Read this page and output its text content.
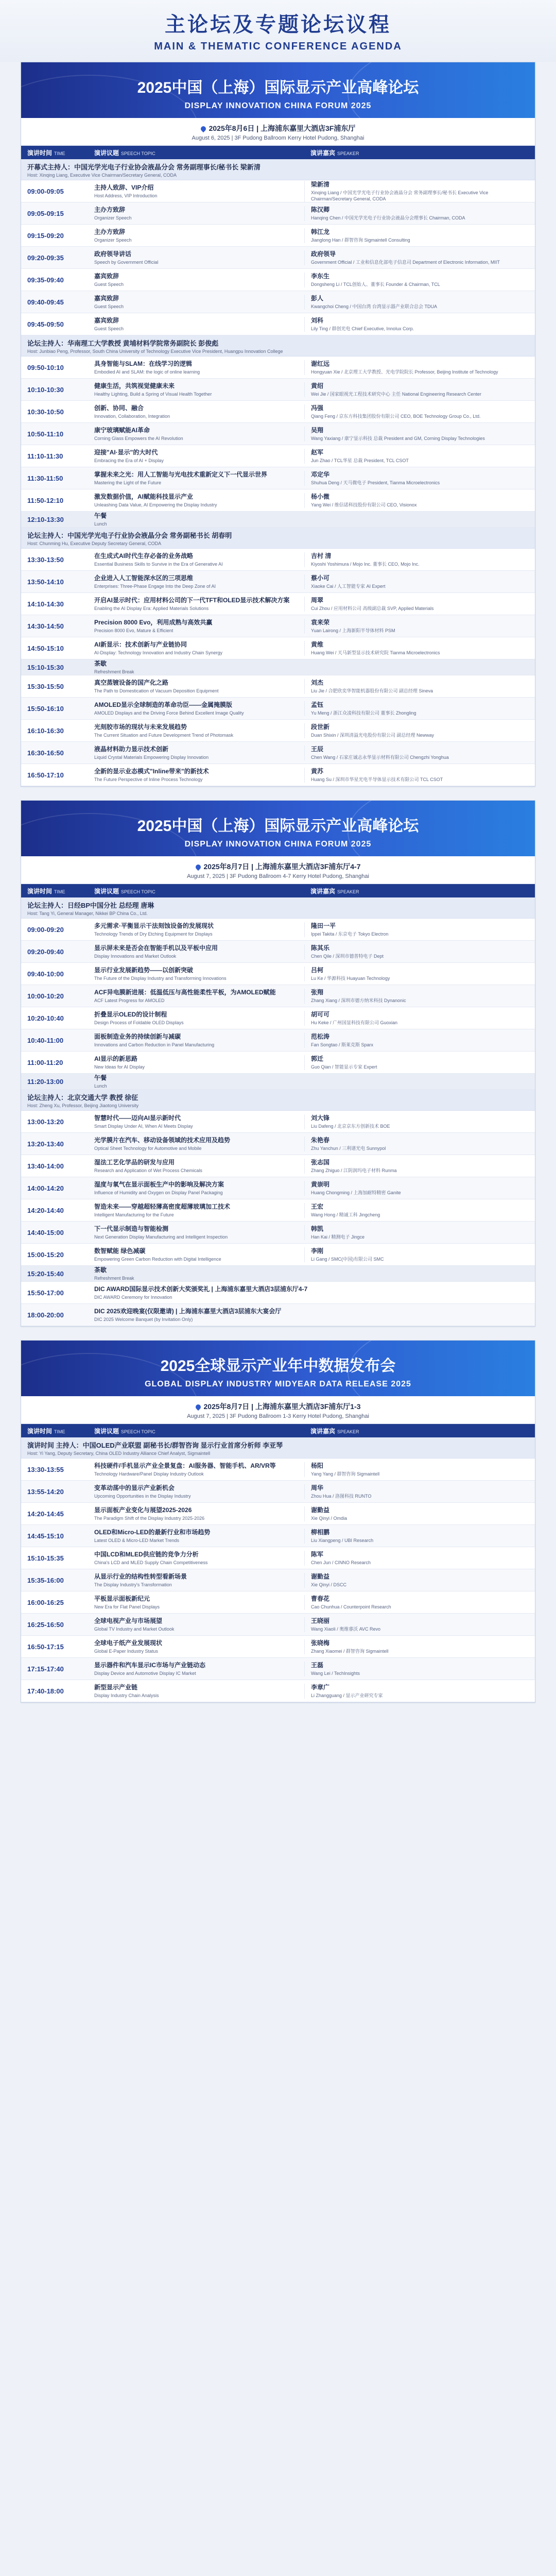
主论坛及专题论坛议程
MAIN & THEMATIC CONFERENCE AGENDA
2025中国（上海）国际显示产业高峰论坛
DISPLAY INNOVATION CHINA FORUM 2025
2025年8月6日 | 上海浦东嘉里大酒店3F浦东厅
August 6, 2025 | 3F Pudong Ballroom Kerry Hotel Pudong, Shanghai
演讲时间 TIME	演讲议题 SPEECH TOPIC	演讲嘉宾 SPEAKER
开幕式主持人：中国光学光电子行业协会液晶分会 常务副理事长/秘书长 梁新清
Host: Xinqing Liang, Executive Vice Chairman/Secretary General, CODA
09:00-09:05	主持人致辞、VIP介绍
Host Address, VIP Introduction
梁新清
Xinqing Liang / 中国光学光电子行业协会液晶分会 常务副理事长/秘书长 Executive Vice Chairman/Secretary General, CODA
09:05-09:15	主办方致辞
Organizer Speech
陈汉卿
Hanqing Chen / 中国光学光电子行业协会液晶分会理事长 Chairman, CODA
09:15-09:20	主办方致辞
Organizer Speech
韩江龙
Jianglong Han / 群智咨询 Sigmaintell Consulting
09:20-09:35	政府领导讲话
Speech by Government Official
政府领导
Government Official / 工业和信息化部电子信息司 Department of Electronic Information, MIIT
09:35-09:40	嘉宾致辞
Guest Speech
李东生
Dongsheng Li / TCL创始人、董事长 Founder & Chairman, TCL
09:40-09:45	嘉宾致辞
Guest Speech
彭人
Kwangchoi Cheng / 中国台湾 台湾显示器产业联合总会 TDUA
09:45-09:50	嘉宾致辞
Guest Speech
刘科
Lily Ting / 群创光电 Chief Executive, Innolux Corp.
论坛主持人：华南理工大学教授 黄埔材料学院常务副院长 彭俊彪
Host: Junbiao Peng, Professor, South China University of Technology Executive Vice President, Huangpu Innovation College
09:50-10:10	具身智能与SLAM：在线学习的逻辑
Embodied AI and SLAM: the logic of online learning
谢红远
Hongyuan Xie / 北京理工大学教授、光电学院院长 Professor, Beijing Institute of Technology
10:10-10:30	健康生活，共筑视觉健康未来
Healthy Lighting, Build a Spring of Visual Health Together
黄绍
Wei Jie / 国家眼视光工程技术研究中心 主任 National Engineering Research Center
10:30-10:50	创新、协同、融合
Innovation, Collaboration, Integration
冯强
Qiang Feng / 京东方科技集团股份有限公司 CEO, BOE Technology Group Co., Ltd.
10:50-11:10	康宁玻璃赋能AI革命
Corning Glass Empowers the AI Revolution
吴翔
Wang Yaxiang / 康宁显示科技 总裁 President and GM, Corning Display Technologies
11:10-11:30	迎接"AI·显示"的大时代
Embracing the Era of AI + Display
赵军
Jun Zhao / TCL华星 总裁 President, TCL CSOT
11:30-11:50	掌握未来之光：用人工智能与光电技术重新定义下一代显示世界
Mastering the Light of the Future
邓定华
Shuhua Deng / 天马微电子 President, Tianma Microelectronics
11:50-12:10	激发数据价值，AI赋能科技显示产业
Unleashing Data Value, AI Empowering the Display Industry
杨小微
Yang Wei / 维信诺科技股份有限公司 CEO, Visionox
12:10-13:30	午餐
Lunch
论坛主持人：中国光学光电子行业协会液晶分会 常务副秘书长 胡春明
Host: Chunming Hu, Executive Deputy Secretary General, CODA
13:30-13:50	在生成式AI时代生存必备的业务战略
Essential Business Skills to Survive in the Era of Generative AI
吉村 清
Kiyoshi Yoshimura / Mojo Inc. 董事长 CEO, Mojo Inc.
13:50-14:10	企业进入人工智能深水区的三项思维
Enterprises: Three-Phase Engage Into the Deep Zone of AI
蔡小可
Xiaoke Cai / 人工智能专家 AI Expert
14:10-14:30	开启AI显示时代：应用材料公司的下一代TFT和OLED显示技术解决方案
Enabling the AI Display Era: Applied Materials Solutions
周翠
Cui Zhou / 应用材料公司 高级副总裁 SVP, Applied Materials
14:30-14:50	Precision 8000 Evo，利用成熟与高效共赢
Precision 8000 Evo, Mature & Efficient
袁来荣
Yuan Lairong / 上海新阳半导体材料 PSM
14:50-15:10	AI新显示：技术创新与产业链协同
AI-Display: Technology Innovation and Industry Chain Synergy
黄维
Huang Wei / 天马新型显示技术研究院 Tianma Microelectronics
15:10-15:30	茶歇
Refreshment Break
15:30-15:50	真空蒸镀设备的国产化之路
The Path to Domestication of Vacuum Deposition Equipment
刘杰
Liu Jie / 合肥欣奕华智能机器股份有限公司 副总经理 Sineva
15:50-16:10	AMOLED显示全球制造的革命功臣——金属掩膜版
AMOLED Displays and the Driving Force Behind Excellent Image Quality
孟钰
Yu Meng / 浙江众凌科技有限公司 董事长 Zhongling
16:10-16:30	光刻胶市场的现状与未来发展趋势
The Current Situation and Future Development Trend of Photomask
段世新
Duan Shixin / 深圳清溢光电股份有限公司 副总经理 Newway
16:30-16:50	液晶材料助力显示技术创新
Liquid Crystal Materials Empowering Display Innovation
王辰
Chen Wang / 石家庄诚志永华显示材料有限公司 Chengzhi Yonghua
16:50-17:10	全新的显示业态模式"Inline带来"的新技术
The Future Perspective of Inline Process Technology
黄苏
Huang Su / 深圳市华星光电半导体显示技术有限公司 TCL CSOT
2025中国（上海）国际显示产业高峰论坛
DISPLAY INNOVATION CHINA FORUM 2025
2025年8月7日 | 上海浦东嘉里大酒店3F浦东厅4-7
August 7, 2025 | 3F Pudong Ballroom 4-7 Kerry Hotel Pudong, Shanghai
演讲时间 TIME	演讲议题 SPEECH TOPIC	演讲嘉宾 SPEAKER
论坛主持人：日经BP中国分社 总经理 唐琳
Host: Tang Yi, General Manager, Nikkei BP China Co., Ltd.
09:00-09:20	多元需求·平衡显示干法刻蚀设备的发展现状
Technology Trends of Dry Etching Equipment for Displays
隆田一平
Ippei Takita / 东京电子 Tokyo Electron
09:20-09:40	显示屏未来是否会在智能手机以及平板中应用
Display Innovations and Market Outlook
陈其乐
Chen Qile / 深圳市德普特电子 Dept
09:40-10:00	显示行业发展新趋势——以创新突破
The Future of the Display Industry and Transforming Innovations
吕柯
Lu Ke / 华源科技 Huayuan Technology
10:00-10:20	ACF异电膜新进展：低温低压与高性能柔性平板，为AMOLED赋能
ACF Latest Progress for AMOLED
张翔
Zhang Xiang / 深圳市德方纳米科技 Dynanonic
10:20-10:40	折叠显示OLED的设计制程
Design Process of Foldable OLED Displays
胡可可
Hu Keke / 广州国显科技有限公司 Guoxian
10:40-11:00	面板制造业务的持续创新与减碳
Innovations and Carbon Reduction in Panel Manufacturing
范松涛
Fan Songtao / 斯莱克斯 Sparx
11:00-11:20	AI显示的新思路
New Ideas for AI Display
郭迁
Guo Qian / 智能显示专家 Expert
11:20-13:00	午餐
Lunch
论坛主持人：北京交通大学 教授 徐征
Host: Zheng Xu, Professor, Beijing Jiaotong University
13:00-13:20	智慧时代——迈向AI显示新时代
Smart Display Under AI, When AI Meets Display
刘大锋
Liu Dafeng / 北京京东方创新技术 BOE
13:20-13:40	光学膜片在汽车、移动设备领域的技术应用及趋势
Optical Sheet Technology for Automotive and Mobile
朱艳春
Zhu Yanchun / 三利谱光电 Sunnypol
13:40-14:00	湿法工艺化学品的研发与应用
Research and Application of Wet Process Chemicals
张志国
Zhang Zhiguo / 江阴润玛电子材料 Runma
14:00-14:20	湿度与氧气在显示面板生产中的影响及解决方案
Influence of Humidity and Oxygen on Display Panel Packaging
黄崇明
Huang Chongming / 上海加耐特精密 Ganite
14:20-14:40	智造未来——穿越超轻薄高密度超薄玻璃加工技术
Intelligent Manufacturing for the Future
王宏
Wang Hong / 精诚工科 Jingcheng
14:40-15:00	下一代显示制造与智能检测
Next Generation Display Manufacturing and Intelligent Inspection
韩凯
Han Kai / 精测电子 Jingce
15:00-15:20	数智赋能 绿色减碳
Empowering Green Carbon Reduction with Digital Intelligence
李刚
Li Gang / SMC(中国)有限公司 SMC
15:20-15:40	茶歇
Refreshment Break
15:50-17:00	DIC AWARD国际显示技术创新大奖颁奖礼 | 上海浦东嘉里大酒店3层浦东厅4-7
DIC AWARD Ceremony for Innovation
18:00-20:00	DIC 2025欢迎晚宴(仅限邀请) | 上海浦东嘉里大酒店3层浦东大宴会厅
DIC 2025 Welcome Banquet (by Invitation Only)
2025全球显示产业年中数据发布会
GLOBAL DISPLAY INDUSTRY MIDYEAR DATA RELEASE 2025
2025年8月7日 | 上海浦东嘉里大酒店3F浦东厅1-3
August 7, 2025 | 3F Pudong Ballroom 1-3 Kerry Hotel Pudong, Shanghai
演讲时间 TIME	演讲议题 SPEECH TOPIC	演讲嘉宾 SPEAKER
演讲时间 主持人：中国OLED产业联盟 副秘书长/群智咨询 显示行业首席分析师 李亚琴
Host: Yi Yang, Deputy Secretary, China OLED Industry Alliance Chief Analyst, Sigmaintell
13:30-13:55	科技硬件/手机显示产业全景复盘：AI服务器、智能手机、AR/VR等
Technology Hardware/Panel Display Industry Outlook
杨阳
Yang Yang / 群智咨询 Sigmaintell
13:55-14:20	变革动荡中的显示产业新机会
Upcoming Opportunities in the Display Industry
周华
Zhou Hua / 洛图科技 RUNTO
14:20-14:45	显示面板产业变化与展望2025-2026
The Paradigm Shift of the Display Industry 2025-2026
谢勤益
Xie Qinyi / Omdia
14:45-15:10	OLED和Micro-LED的最新行业和市场趋势
Latest OLED & Micro-LED Market Trends
柳相鹏
Liu Xiangpeng / UBI Research
15:10-15:35	中国LCD和MLED供应链的竞争力分析
China's LCD and MLED Supply Chain Competitiveness
陈军
Chen Jun / CINNO Research
15:35-16:00	从显示行业的结构性转型看新场景
The Display Industry's Transformation
谢勤益
Xie Qinyi / DSCC
16:00-16:25	平板显示面板新纪元
New Era for Flat Panel Displays
曹春花
Cao Chunhua / Counterpoint Research
16:25-16:50	全球电视产业与市场展望
Global TV Industry and Market Outlook
王晓丽
Wang Xiaoli / 奥维睿沃 AVC Revo
16:50-17:15	全球电子纸产业发展现状
Global E-Paper Industry Status
张晓梅
Zhang Xiaomei / 群智咨询 Sigmaintell
17:15-17:40	显示器件和汽车显示IC市场与产业链动态
Display Device and Automotive Display IC Market
王磊
Wang Lei / TechInsights
17:40-18:00	新型显示产业链
Display Industry Chain Analysis
李章广
Li Zhangguang / 显示产业研究专家
